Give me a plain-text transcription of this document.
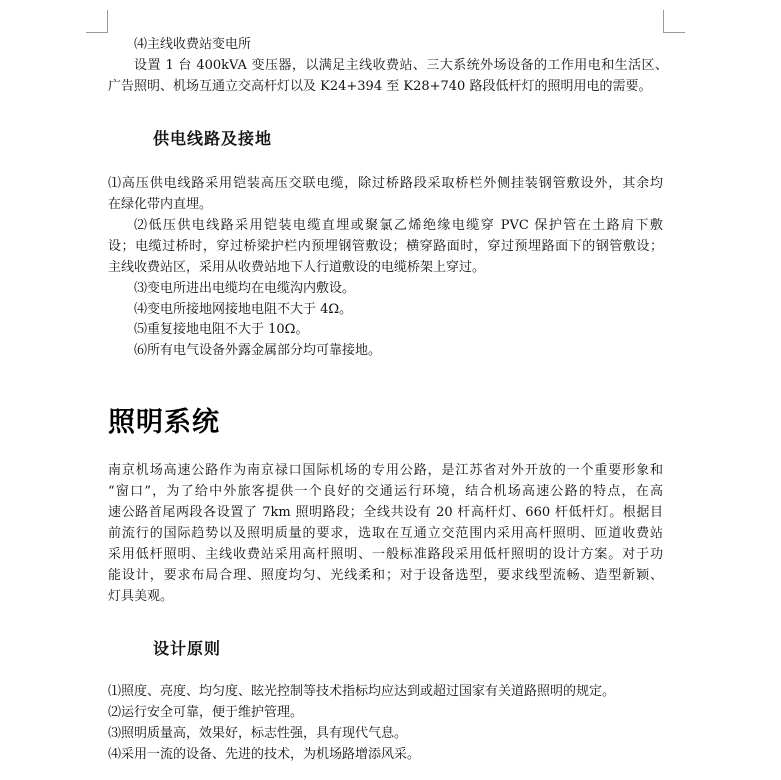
⑷主线收费站变电所
设置 1 台 400kVA 变压器，以满足主线收费站、三大系统外场设备的工作用电和生活区、
广告照明、机场互通立交高杆灯以及 K24+394 至 K28+740 路段低杆灯的照明用电的需要。
供电线路及接地
⑴高压供电线路采用铠装高压交联电缆，除过桥路段采取桥栏外侧挂装钢管敷设外，其余均
在绿化带内直埋。
⑵低压供电线路采用铠装电缆直埋或聚氯乙烯绝缘电缆穿 PVC 保护管在土路肩下敷
设；电缆过桥时，穿过桥梁护栏内预埋钢管敷设；横穿路面时，穿过预埋路面下的钢管敷设；
主线收费站区，采用从收费站地下人行道敷设的电缆桥架上穿过。
⑶变电所进出电缆均在电缆沟内敷设。
⑷变电所接地网接地电阻不大于 4Ω。
⑸重复接地电阻不大于 10Ω。
⑹所有电气设备外露金属部分均可靠接地。
照明系统
南京机场高速公路作为南京禄口国际机场的专用公路，是江苏省对外开放的一个重要形象和
“窗口”，为了给中外旅客提供一个良好的交通运行环境，结合机场高速公路的特点，在高
速公路首尾两段各设置了 7km 照明路段；全线共设有 20 杆高杆灯、660 杆低杆灯。根据目
前流行的国际趋势以及照明质量的要求，选取在互通立交范围内采用高杆照明、匝道收费站
采用低杆照明、主线收费站采用高杆照明、一般标准路段采用低杆照明的设计方案。对于功
能设计，要求布局合理、照度均匀、光线柔和；对于设备选型，要求线型流畅、造型新颖、
灯具美观。
设计原则
⑴照度、亮度、均匀度、眩光控制等技术指标均应达到或超过国家有关道路照明的规定。
⑵运行安全可靠，便于维护管理。
⑶照明质量高，效果好，标志性强，具有现代气息。
⑷采用一流的设备、先进的技术，为机场路增添风采。
